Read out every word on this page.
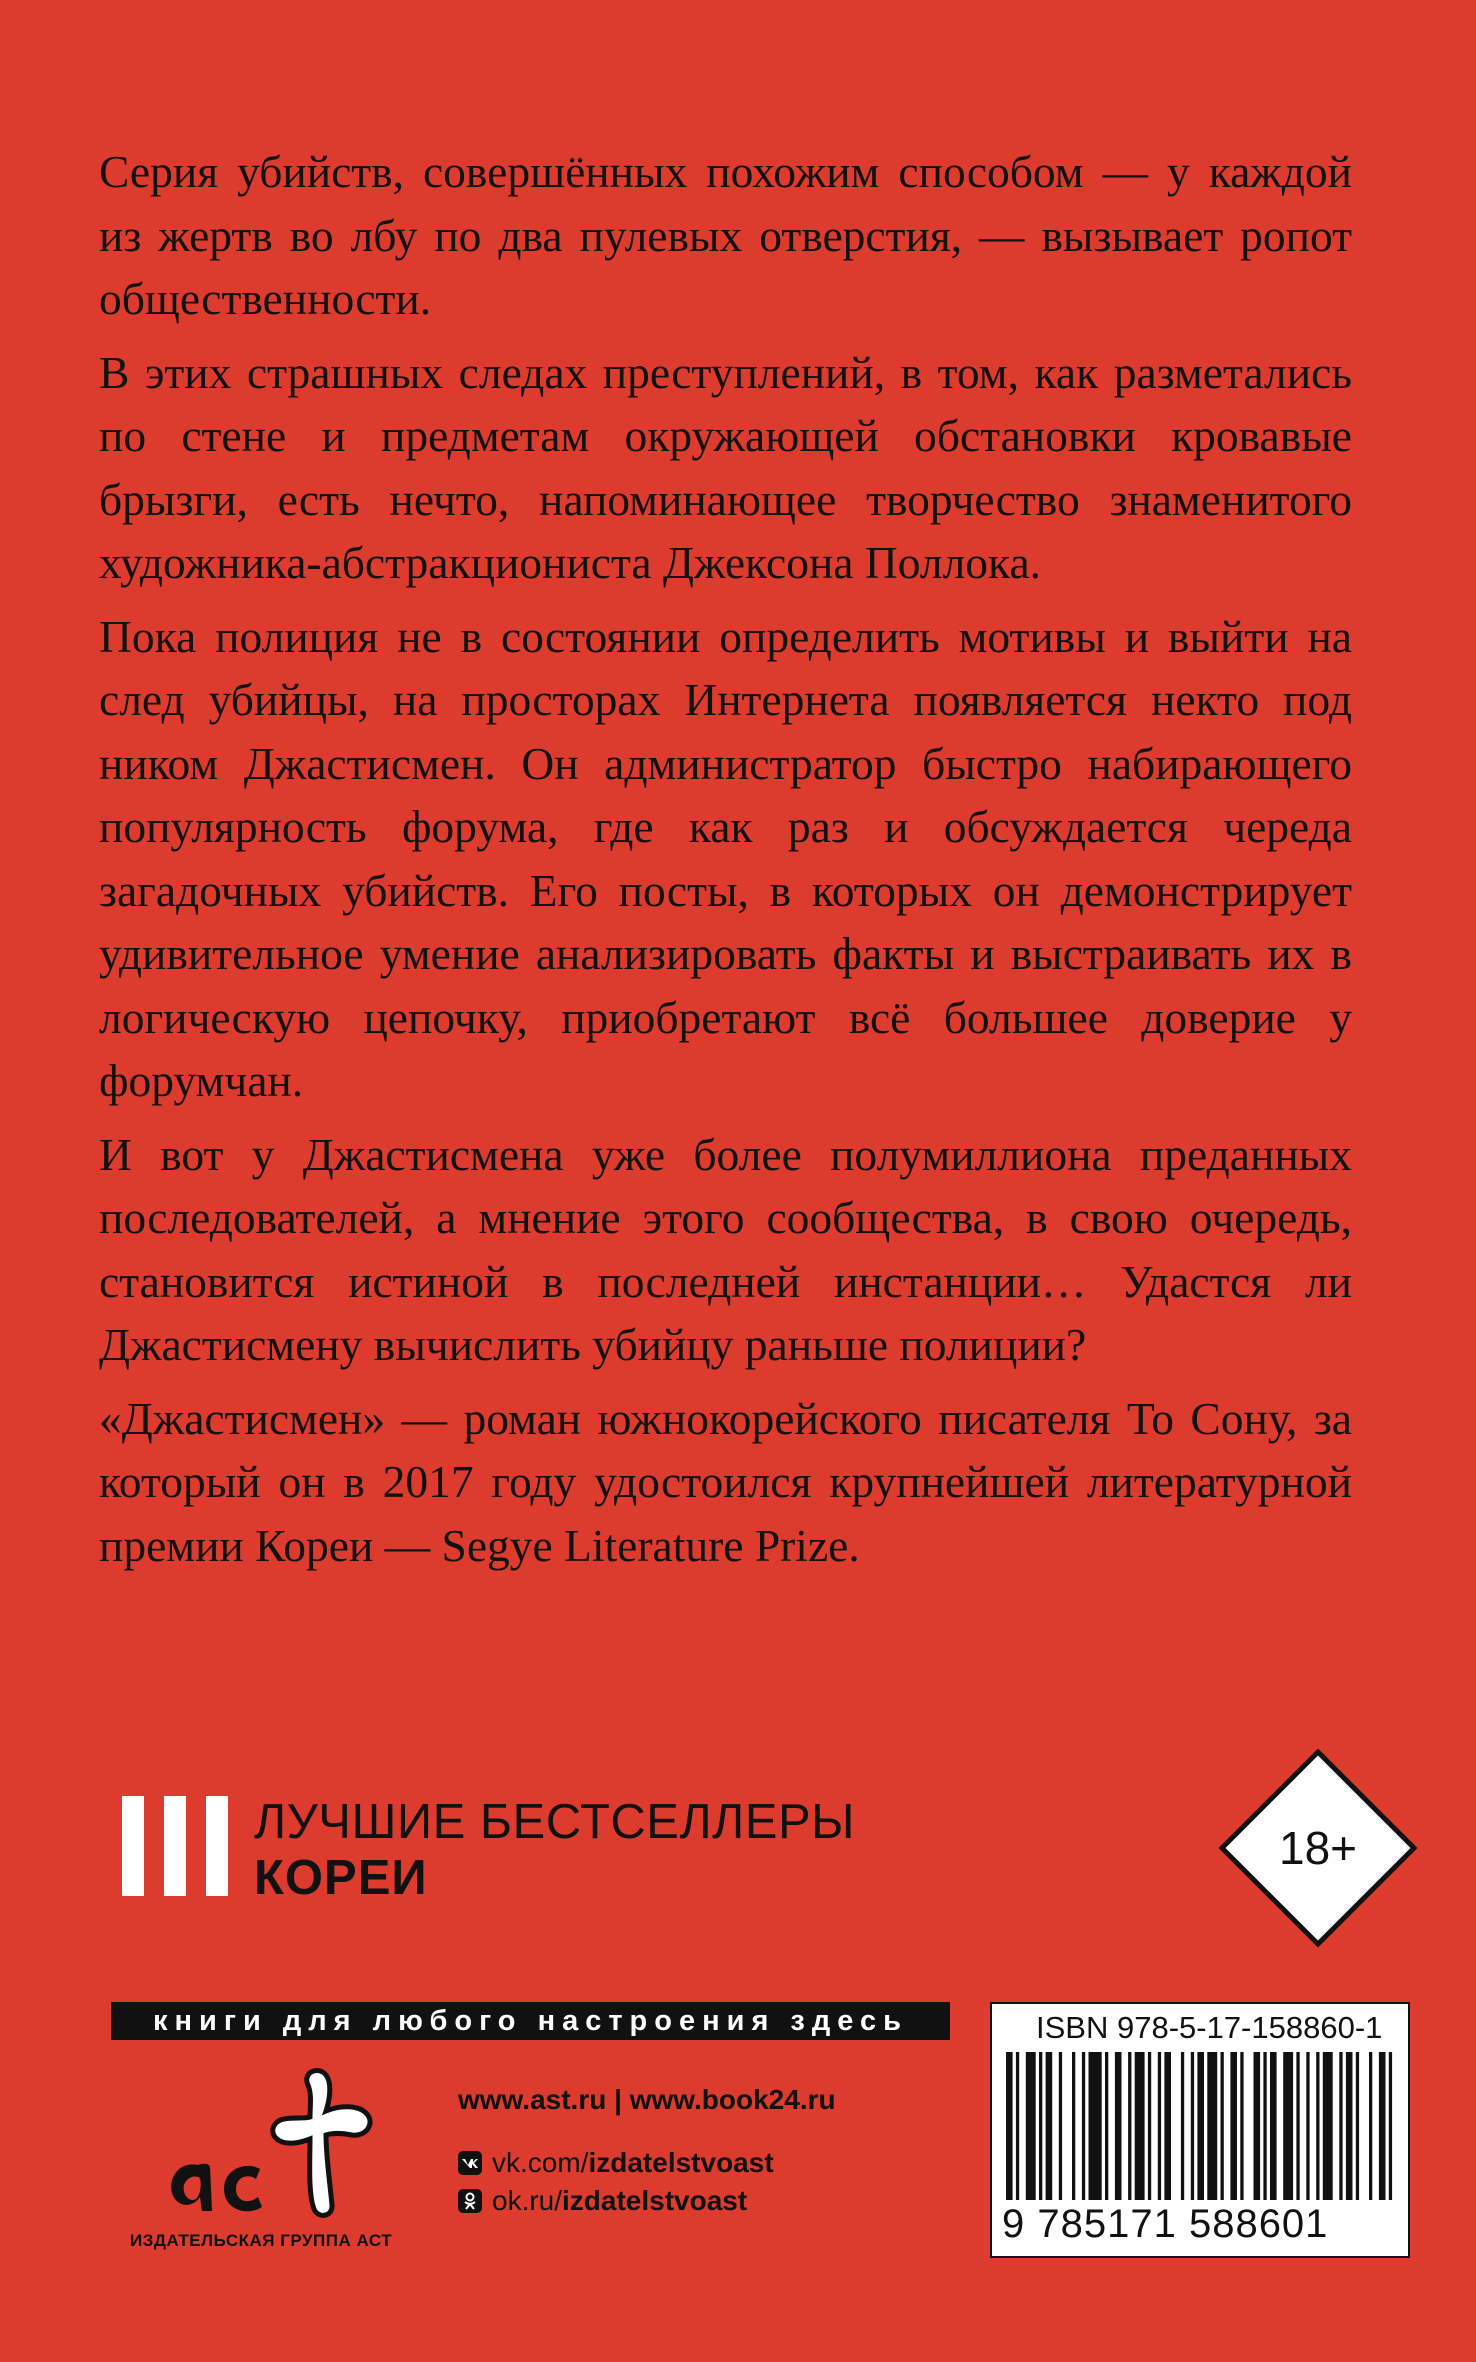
Серия убийств, совершённых похожим способом — у каждой из жертв во лбу по два пулевых отверстия, — вызывает ропот общественности.

В этих страшных следах преступлений, в том, как разметались по стене и предметам окружающей обстановки кровавые брызги, есть нечто, напоминающее творчество знаменитого художника-абстракциониста Джексона Поллока.

Пока полиция не в состоянии определить мотивы и выйти на след убийцы, на просторах Интернета появляется некто под ником Джастисмен. Он администратор быстро набирающего популярность форума, где как раз и обсуждается череда загадочных убийств. Его посты, в которых он демонстрирует удивительное умение анализировать факты и выстраивать их в логическую цепочку, приобретают всё большее доверие у форумчан.

И вот у Джастисмена уже более полумиллиона преданных последователей, а мнение этого сообщества, в свою очередь, становится истиной в последней инстанции… Удастся ли Джастисмену вычислить убийцу раньше полиции?

«Джастисмен» — роман южнокорейского писателя То Сону, за который он в 2017 году удостоился крупнейшей литературной премии Кореи — Segye Literature Prize.

ЛУЧШИЕ БЕСТСЕЛЛЕРЫ
КОРЕИ
18+
книги для любого настроения здесь
ИЗДАТЕЛЬСКАЯ ГРУППА АСТ
www.ast.ru | www.book24.ru
vk.com/ izdatelstvoast
ok.ru/ izdatelstvoast
ISBN 978-5-17-158860-1
9 785171 588601
